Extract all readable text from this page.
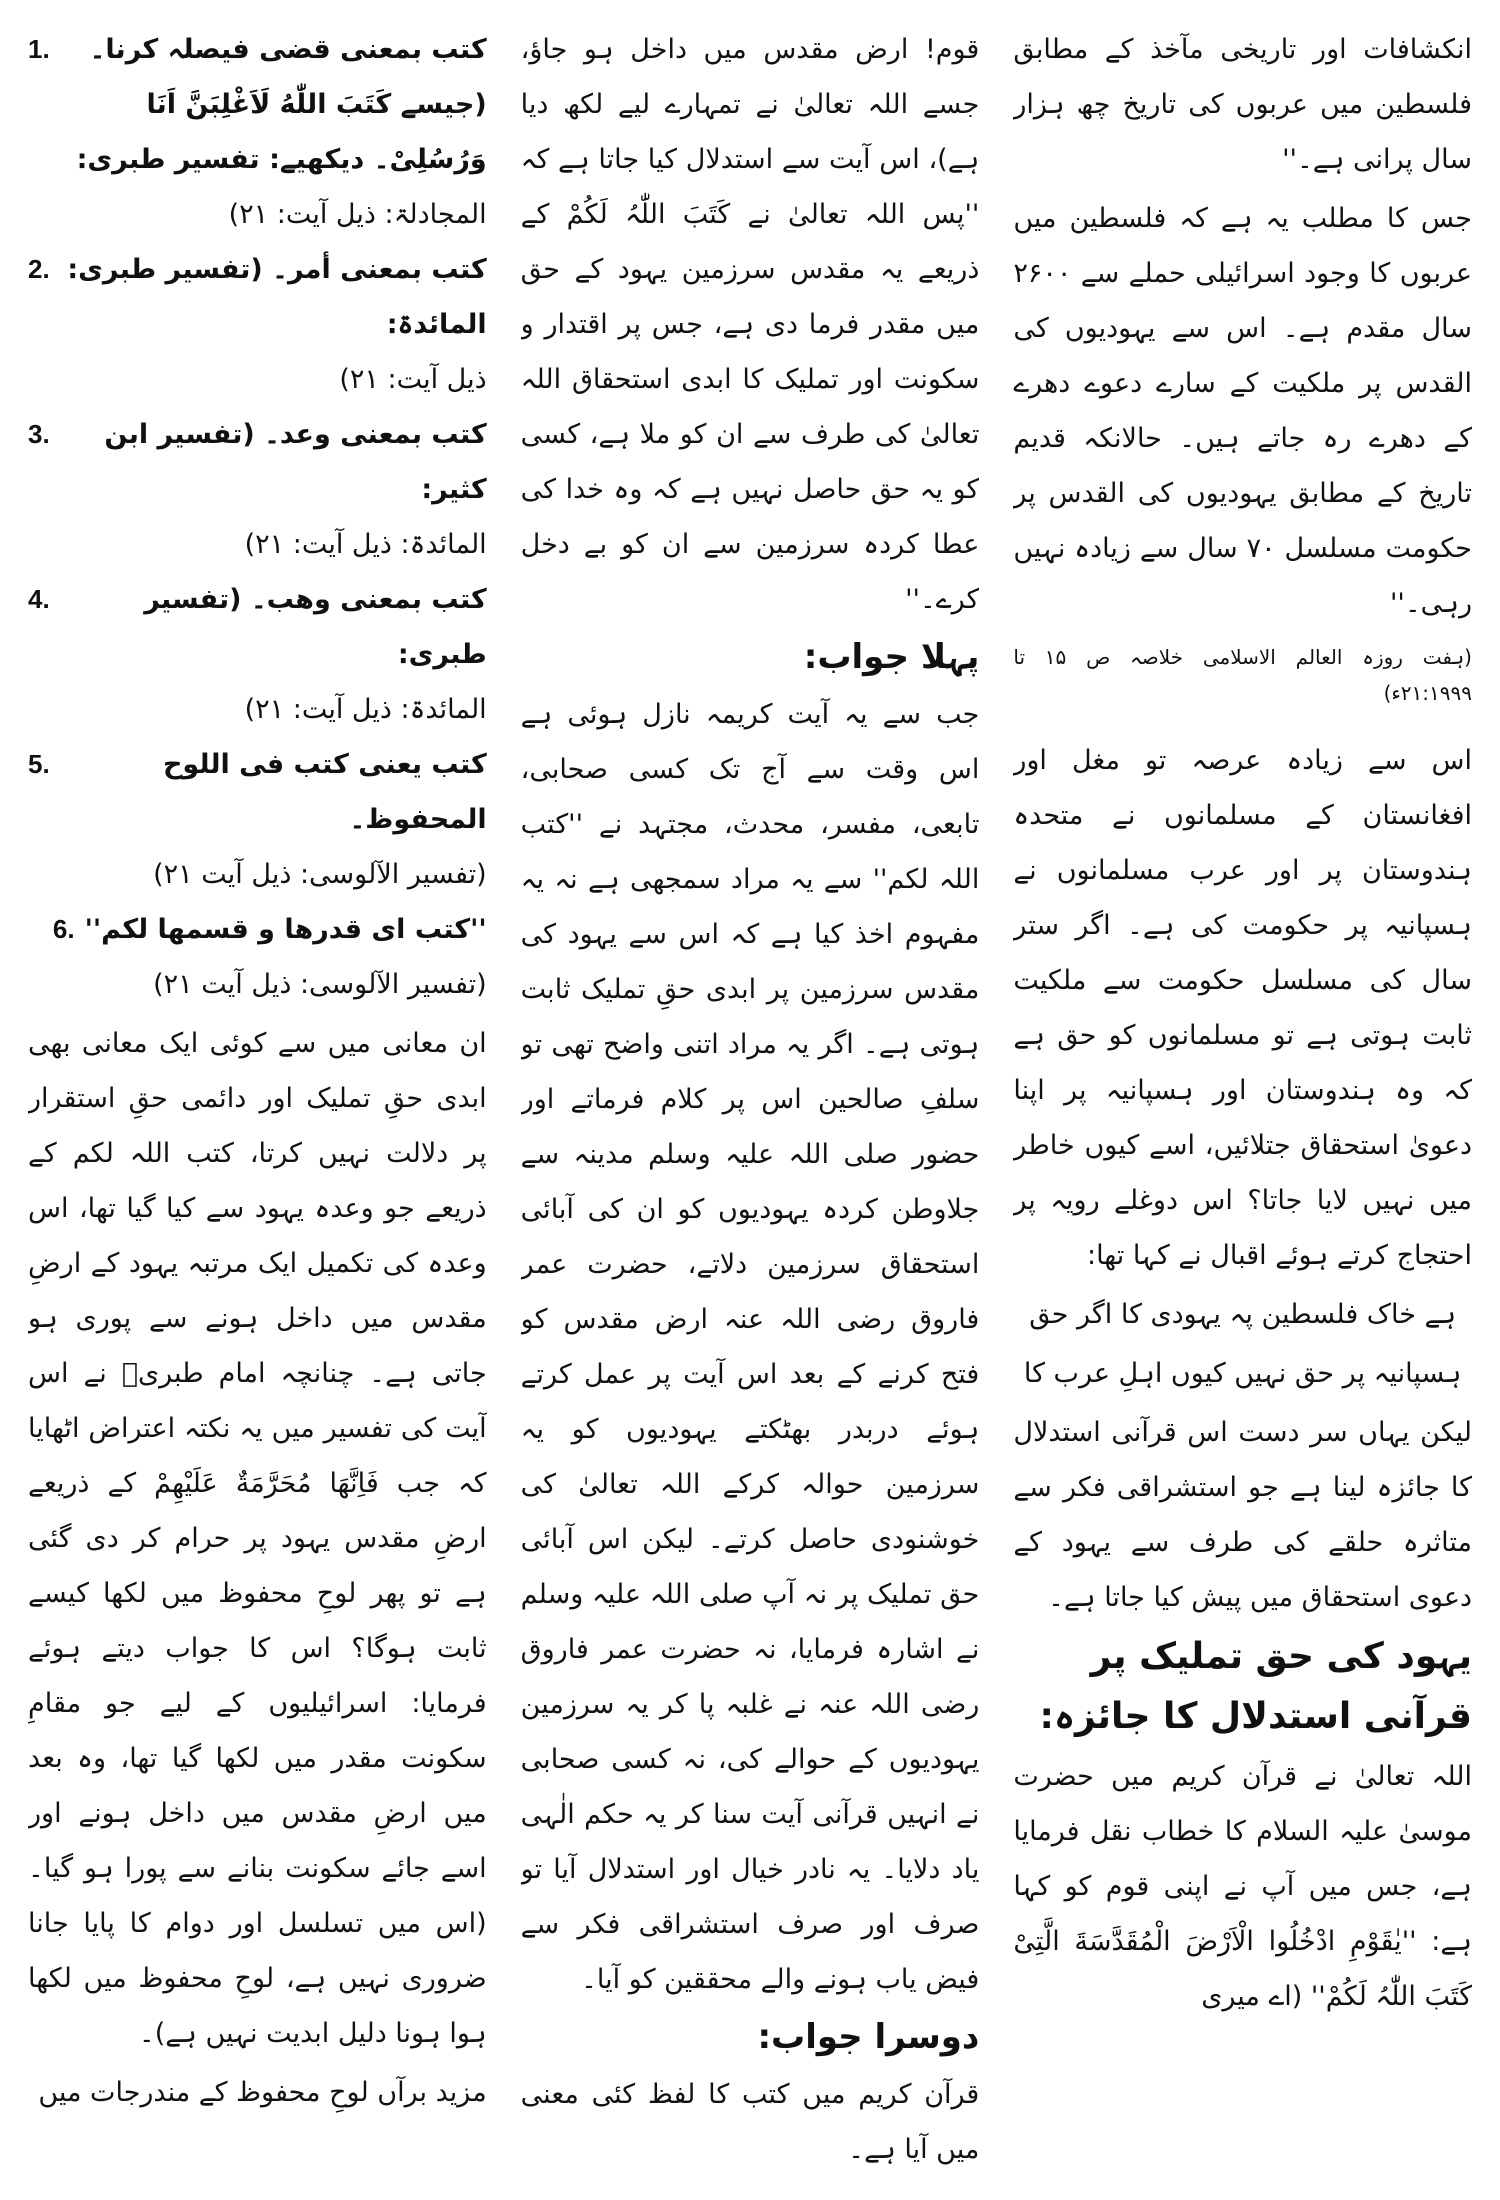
انکشافات اور تاریخی مآخذ کے مطابق فلسطین میں عربوں کی تاریخ چھ ہزار سال پرانی ہے۔''

جس کا مطلب یہ ہے کہ فلسطین میں عربوں کا وجود اسرائیلی حملے سے ۲۶۰۰ سال مقدم ہے۔ اس سے یہودیوں کی القدس پر ملکیت کے سارے دعوے دھرے کے دھرے رہ جاتے ہیں۔ حالانکہ قدیم تاریخ کے مطابق یہودیوں کی القدس پر حکومت مسلسل ۷۰ سال سے زیادہ نہیں رہی۔''

(ہفت روزہ العالم الاسلامی خلاصہ ص ۱۵ تا ۲۱:۱۹۹۹ء)

اس سے زیادہ عرصہ تو مغل اور افغانستان کے مسلمانوں نے متحدہ ہندوستان پر اور عرب مسلمانوں نے ہسپانیہ پر حکومت کی ہے۔ اگر ستر سال کی مسلسل حکومت سے ملکیت ثابت ہوتی ہے تو مسلمانوں کو حق ہے کہ وہ ہندوستان اور ہسپانیہ پر اپنا دعویٰ استحقاق جتلائیں، اسے کیوں خاطر میں نہیں لایا جاتا؟ اس دوغلے رویہ پر احتجاج کرتے ہوئے اقبال نے کہا تھا:

ہے خاک فلسطین پہ یہودی کا اگر حق

ہسپانیہ پر حق نہیں کیوں اہلِ عرب کا

لیکن یہاں سر دست اس قرآنی استدلال کا جائزہ لینا ہے جو استشراقی فکر سے متاثرہ حلقے کی طرف سے یہود کے دعوی استحقاق میں پیش کیا جاتا ہے۔

یہود کی حق تملیک پر قرآنی استدلال کا جائزہ:

اللہ تعالیٰ نے قرآن کریم میں حضرت موسیٰ علیہ السلام کا خطاب نقل فرمایا ہے، جس میں آپ نے اپنی قوم کو کہا ہے: ''یٰقَوْمِ ادْخُلُوا الْاَرْضَ الْمُقَدَّسَةَ الَّتِیْ کَتَبَ اللّٰہُ لَکُمْ'' (اے میری

قوم! ارض مقدس میں داخل ہو جاؤ، جسے اللہ تعالیٰ نے تمہارے لیے لکھ دیا ہے)، اس آیت سے استدلال کیا جاتا ہے کہ ''پس اللہ تعالیٰ نے کَتَبَ اللّٰہُ لَکُمْ کے ذریعے یہ مقدس سرزمین یہود کے حق میں مقدر فرما دی ہے، جس پر اقتدار و سکونت اور تملیک کا ابدی استحقاق اللہ تعالیٰ کی طرف سے ان کو ملا ہے، کسی کو یہ حق حاصل نہیں ہے کہ وہ خدا کی عطا کردہ سرزمین سے ان کو بے دخل کرے۔''

پہلا جواب:

جب سے یہ آیت کریمہ نازل ہوئی ہے اس وقت سے آج تک کسی صحابی، تابعی، مفسر، محدث، مجتہد نے ''کتب اللہ لکم'' سے یہ مراد سمجھی ہے نہ یہ مفہوم اخذ کیا ہے کہ اس سے یہود کی مقدس سرزمین پر ابدی حقِ تملیک ثابت ہوتی ہے۔ اگر یہ مراد اتنی واضح تھی تو سلفِ صالحین اس پر کلام فرماتے اور حضور صلی اللہ علیہ وسلم مدینہ سے جلاوطن کردہ یہودیوں کو ان کی آبائی استحقاق سرزمین دلاتے، حضرت عمر فاروق رضی اللہ عنہ ارض مقدس کو فتح کرنے کے بعد اس آیت پر عمل کرتے ہوئے دربدر بھٹکتے یہودیوں کو یہ سرزمین حوالہ کرکے اللہ تعالیٰ کی خوشنودی حاصل کرتے۔ لیکن اس آبائی حق تملیک پر نہ آپ صلی اللہ علیہ وسلم نے اشارہ فرمایا، نہ حضرت عمر فاروق رضی اللہ عنہ نے غلبہ پا کر یہ سرزمین یہودیوں کے حوالے کی، نہ کسی صحابی نے انہیں قرآنی آیت سنا کر یہ حکم الٰہی یاد دلایا۔ یہ نادر خیال اور استدلال آیا تو صرف اور صرف استشراقی فکر سے فیض یاب ہونے والے محققین کو آیا۔

دوسرا جواب:

قرآن کریم میں کتب کا لفظ کئی معنی میں آیا ہے۔

کتب بمعنی قضی فیصلہ کرنا۔ (جیسے كَتَبَ اللّٰهُ لَاَغْلِبَنَّ اَنَا وَرُسُلِیْ۔ دیکھیے: تفسیر طبری:
1.

المجادلۃ: ذیل آیت: ۲۱)

کتب بمعنی أمر۔ (تفسیر طبری: المائدۃ:
2.

ذیل آیت: ۲۱)

کتب بمعنی وعد۔ (تفسیر ابن کثیر:
3.

المائدۃ: ذیل آیت: ۲۱)

کتب بمعنی وھب۔ (تفسیر طبری:
4.

المائدۃ: ذیل آیت: ۲۱)

کتب یعنی کتب فی اللوح المحفوظ۔
5.

(تفسیر الآلوسی: ذیل آیت ۲۱)

''کتب ای قدرھا و قسمھا لکم''
6.

(تفسیر الآلوسی: ذیل آیت ۲۱)

ان معانی میں سے کوئی ایک معانی بھی ابدی حقِ تملیک اور دائمی حقِ استقرار پر دلالت نہیں کرتا، کتب اللہ لکم کے ذریعے جو وعدہ یہود سے کیا گیا تھا، اس وعدہ کی تکمیل ایک مرتبہ یہود کے ارضِ مقدس میں داخل ہونے سے پوری ہو جاتی ہے۔ چنانچہ امام طبریؒ نے اس آیت کی تفسیر میں یہ نکتہ اعتراض اٹھایا کہ جب فَاِنَّهَا مُحَرَّمَةٌ عَلَيْهِمْ کے ذریعے ارضِ مقدس یہود پر حرام کر دی گئی ہے تو پھر لوحِ محفوظ میں لکھا کیسے ثابت ہوگا؟ اس کا جواب دیتے ہوئے فرمایا: اسرائیلیوں کے لیے جو مقامِ سکونت مقدر میں لکھا گیا تھا، وہ بعد میں ارضِ مقدس میں داخل ہونے اور اسے جائے سکونت بنانے سے پورا ہو گیا۔ (اس میں تسلسل اور دوام کا پایا جانا ضروری نہیں ہے، لوحِ محفوظ میں لکھا ہوا ہونا دلیل ابدیت نہیں ہے)۔

مزید برآں لوحِ محفوظ کے مندرجات میں
